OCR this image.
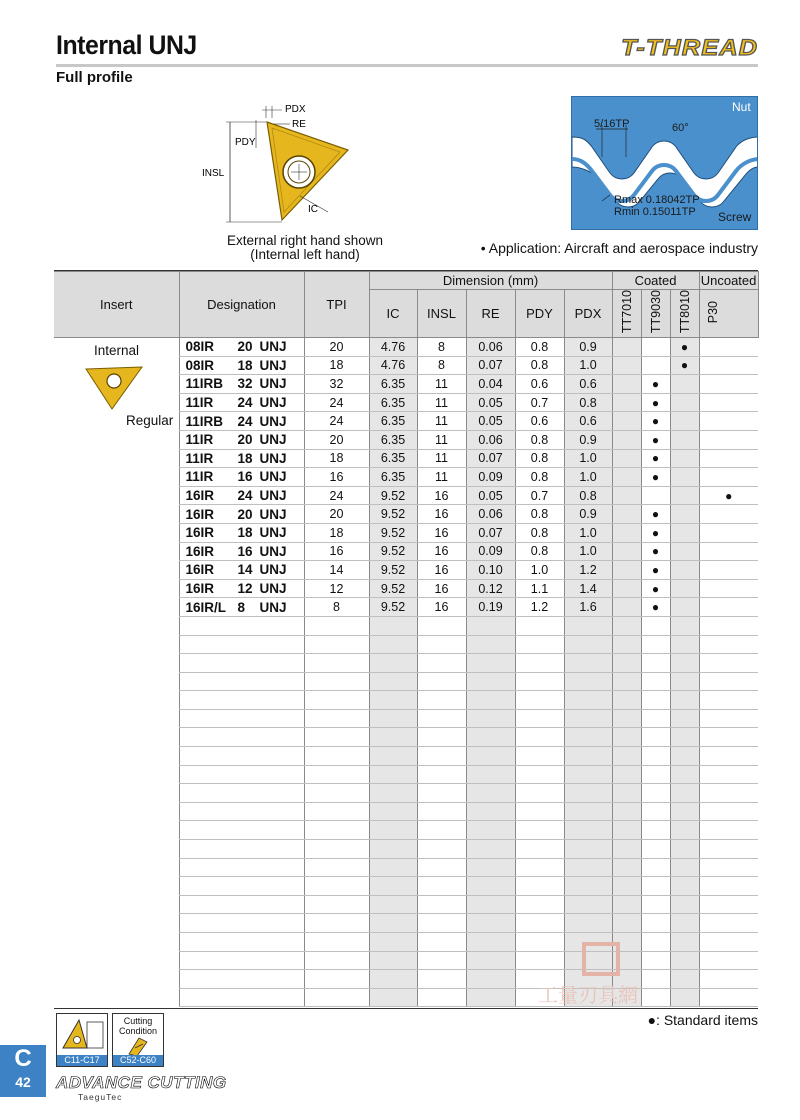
Internal UNJ	T-THREAD
Full profile
PDX
RE
PDY
INSL
IC
External right hand shown
(Internal left hand)
Nut
5/16TP	60°
Rmax 0.18042TP
Rmin 0.15011TP Screw
• Application: Aircraft and aerospace industry
Insert	Designation	TPI	Dimension (mm)					Coated			Uncoated
			IC	INSL	RE	PDY	PDX	TT7010	TT9030	TT8010	P30
	08IR 20 UNJ	20	4.76	8	0.06	0.8	0.9			●	
	08IR 18 UNJ	18	4.76	8	0.07	0.8	1.0			●	
	11IRB 32 UNJ	32	6.35	11	0.04	0.6	0.6		●		
	11IR 24 UNJ	24	6.35	11	0.05	0.7	0.8		●		
	11IRB 24 UNJ	24	6.35	11	0.05	0.6	0.6		●		
	11IR 20 UNJ	20	6.35	11	0.06	0.8	0.9		●		
	11IR 18 UNJ	18	6.35	11	0.07	0.8	1.0		●		
	11IR 16 UNJ	16	6.35	11	0.09	0.8	1.0		●		
	16IR 24 UNJ	24	9.52	16	0.05	0.7	0.8				●
	16IR 20 UNJ	20	9.52	16	0.06	0.8	0.9		●		
	16IR 18 UNJ	18	9.52	16	0.07	0.8	1.0		●		
	16IR 16 UNJ	16	9.52	16	0.09	0.8	1.0		●		
	16IR 14 UNJ	14	9.52	16	0.10	1.0	1.2		●		
	16IR 12 UNJ	12	9.52	16	0.12	1.1	1.4		●		
	16IR/L 8 UNJ	8	9.52	16	0.19	1.2	1.6		●		

Internal
Regular
●: Standard items
工量刃具網
C11-C17
Cutting Condition
C52-C60
C
42	ADVANCE CUTTING
TaeguTec
